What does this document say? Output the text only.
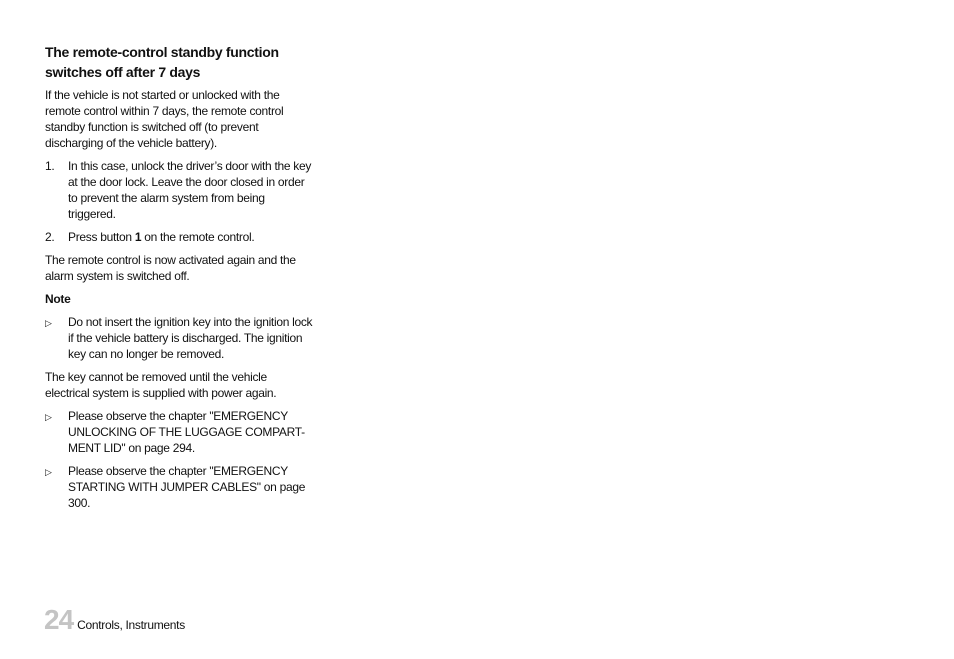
The remote-control standby function switches off after 7 days
If the vehicle is not started or unlocked with the remote control within 7 days, the remote control standby function is switched off (to prevent discharging of the vehicle battery).
1.	In this case, unlock the driver’s door with the key at the door lock. Leave the door closed in order to prevent the alarm system from being triggered.
2.	Press button 1 on the remote control.
The remote control is now activated again and the alarm system is switched off.
Note
▷	Do not insert the ignition key into the ignition lock if the vehicle battery is discharged. The ignition key can no longer be removed.
The key cannot be removed until the vehicle electrical system is supplied with power again.
▷	Please observe the chapter "EMERGENCY UNLOCKING OF THE LUGGAGE COMPART-MENT LID" on page 294.
▷	Please observe the chapter "EMERGENCY STARTING WITH JUMPER CABLES" on page 300.
24 Controls, Instruments
